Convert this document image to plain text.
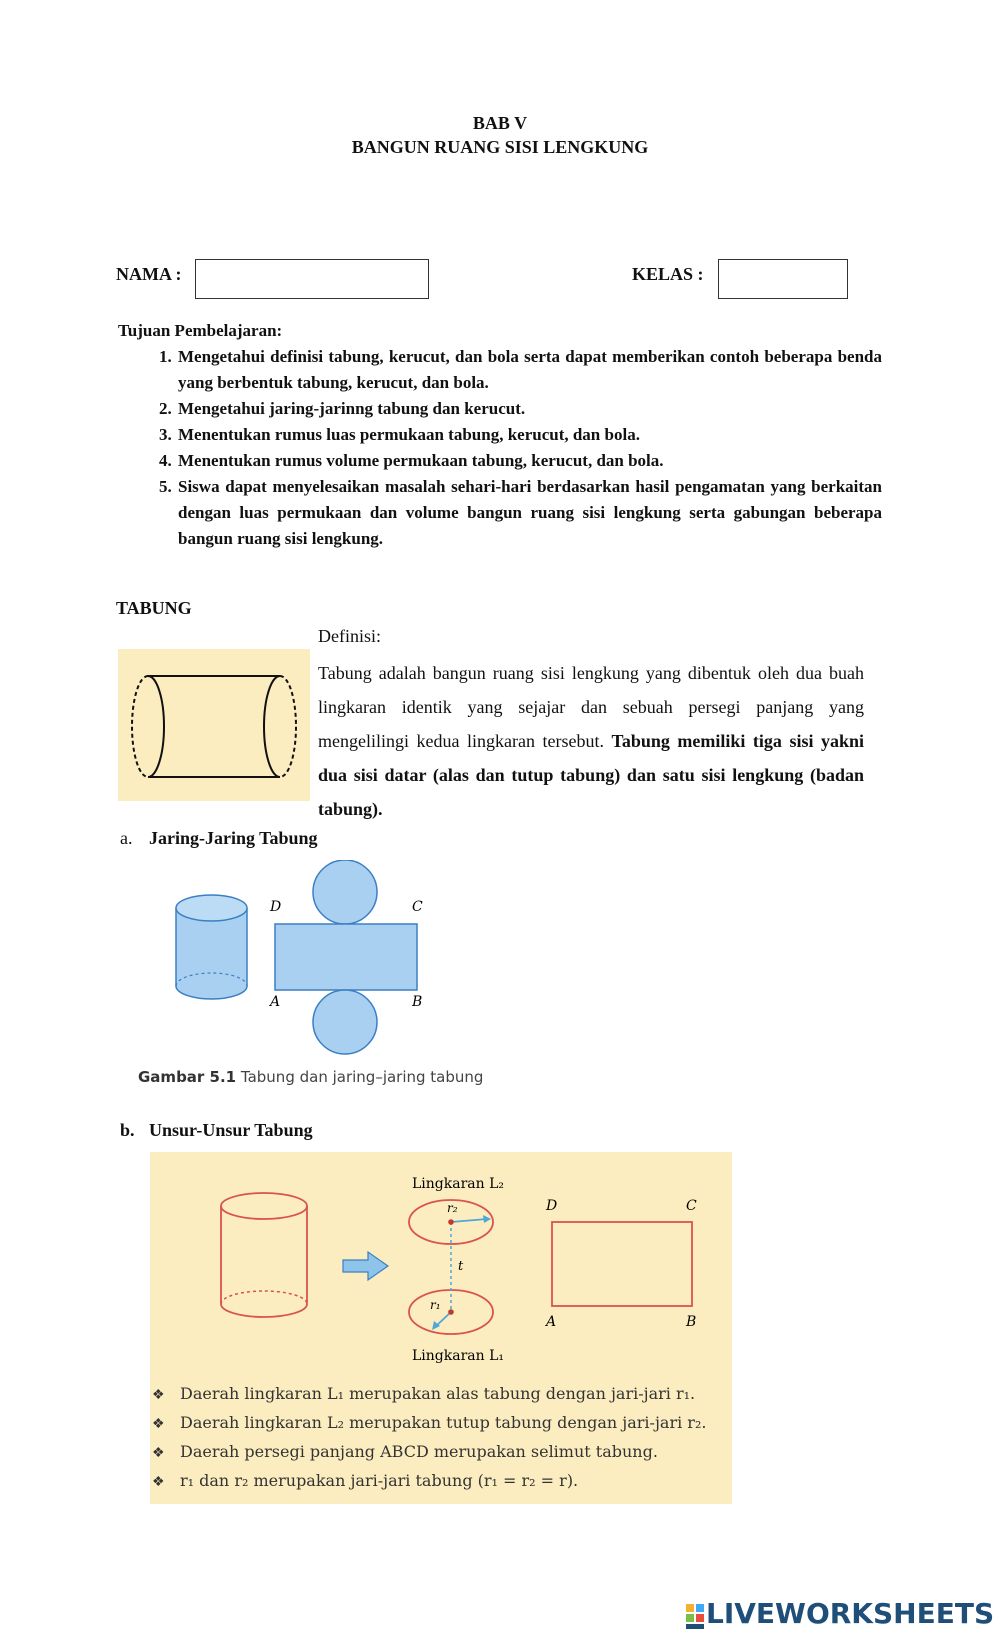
BAB V
BANGUN RUANG SISI LENGKUNG
NAMA :	KELAS :
Tujuan Pembelajaran:
1. Mengetahui definisi tabung, kerucut, dan bola serta dapat memberikan contoh beberapa benda yang berbentuk tabung, kerucut, dan bola.
2. Mengetahui jaring-jarinng tabung dan kerucut.
3. Menentukan rumus luas permukaan tabung, kerucut, dan bola.
4. Menentukan rumus volume permukaan tabung, kerucut, dan bola.
5. Siswa dapat menyelesaikan masalah sehari-hari berdasarkan hasil pengamatan yang berkaitan dengan luas permukaan dan volume bangun ruang sisi lengkung serta gabungan beberapa bangun ruang sisi lengkung.
TABUNG
Definisi:
Tabung adalah bangun ruang sisi lengkung yang dibentuk oleh dua buah lingkaran identik yang sejajar dan sebuah persegi panjang yang mengelilingi kedua lingkaran tersebut. Tabung memiliki tiga sisi yakni dua sisi datar (alas dan tutup tabung) dan satu sisi lengkung (badan tabung).
a. Jaring-Jaring Tabung
D	C
A	B
Gambar 5.1 Tabung dan jaring–jaring tabung
b. Unsur-Unsur Tabung
Lingkaran L₂
Lingkaran L₁
r₂
r₁
t
D	C
A	B
❖ Daerah lingkaran L₁ merupakan alas tabung dengan jari-jari r₁.
❖ Daerah lingkaran L₂ merupakan tutup tabung dengan jari-jari r₂.
❖ Daerah persegi panjang ABCD merupakan selimut tabung.
❖ r₁ dan r₂ merupakan jari-jari tabung (r₁ = r₂ = r).
LIVEWORKSHEETS
